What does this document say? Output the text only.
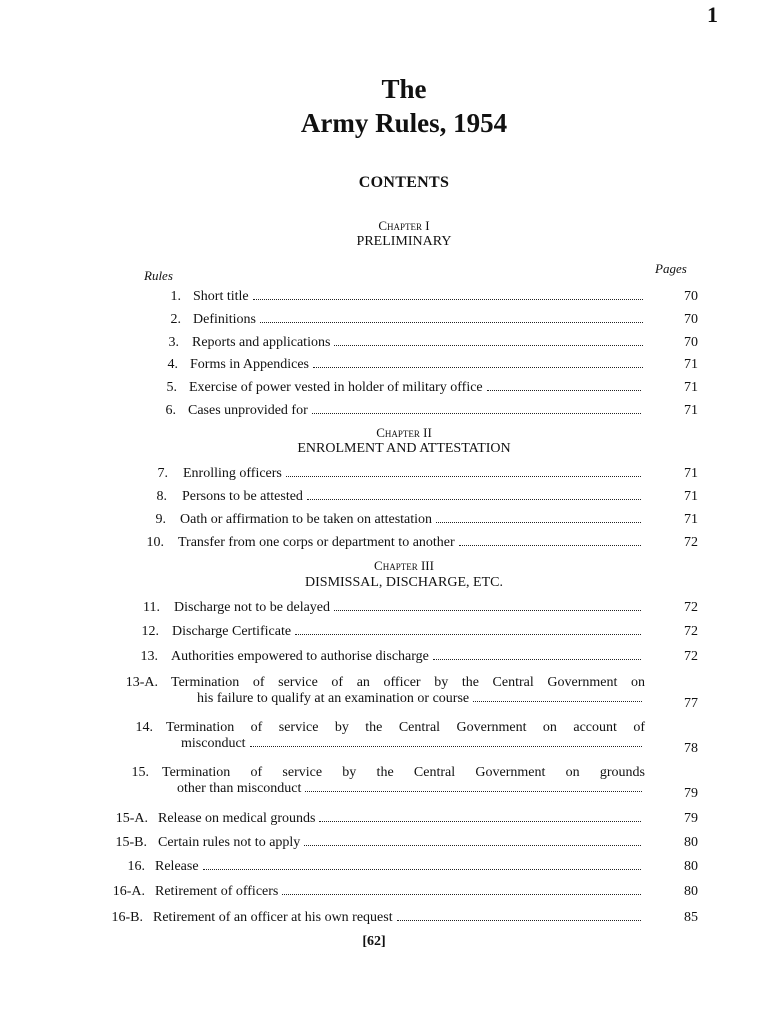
1
The
Army Rules, 1954
CONTENTS
Chapter I
PRELIMINARY
Rules	Pages
Chapter II
ENROLMENT AND ATTESTATION
Chapter III
DISMISSAL, DISCHARGE, ETC.
1. Short title	70
2. Definitions	70
3. Reports and applications	70
4. Forms in Appendices	71
5. Exercise of power vested in holder of military office	71
6. Cases unprovided for	71
7. Enrolling officers	71
8. Persons to be attested	71
9. Oath or affirmation to be taken on attestation	71
10. Transfer from one corps or department to another	72
11. Discharge not to be delayed	72
12. Discharge Certificate	72
13. Authorities empowered to authorise discharge	72
13-A. Termination of service of an officer by the Central Government on
his failure to qualify at an examination or course	77
14. Termination of service by the Central Government on account of
misconduct	78
15. Termination of service by the Central Government on grounds
other than misconduct	79
15-A. Release on medical grounds	79
15-B. Certain rules not to apply	80
16. Release	80
16-A. Retirement of officers	80
16-B. Retirement of an officer at his own request	85
[62]
